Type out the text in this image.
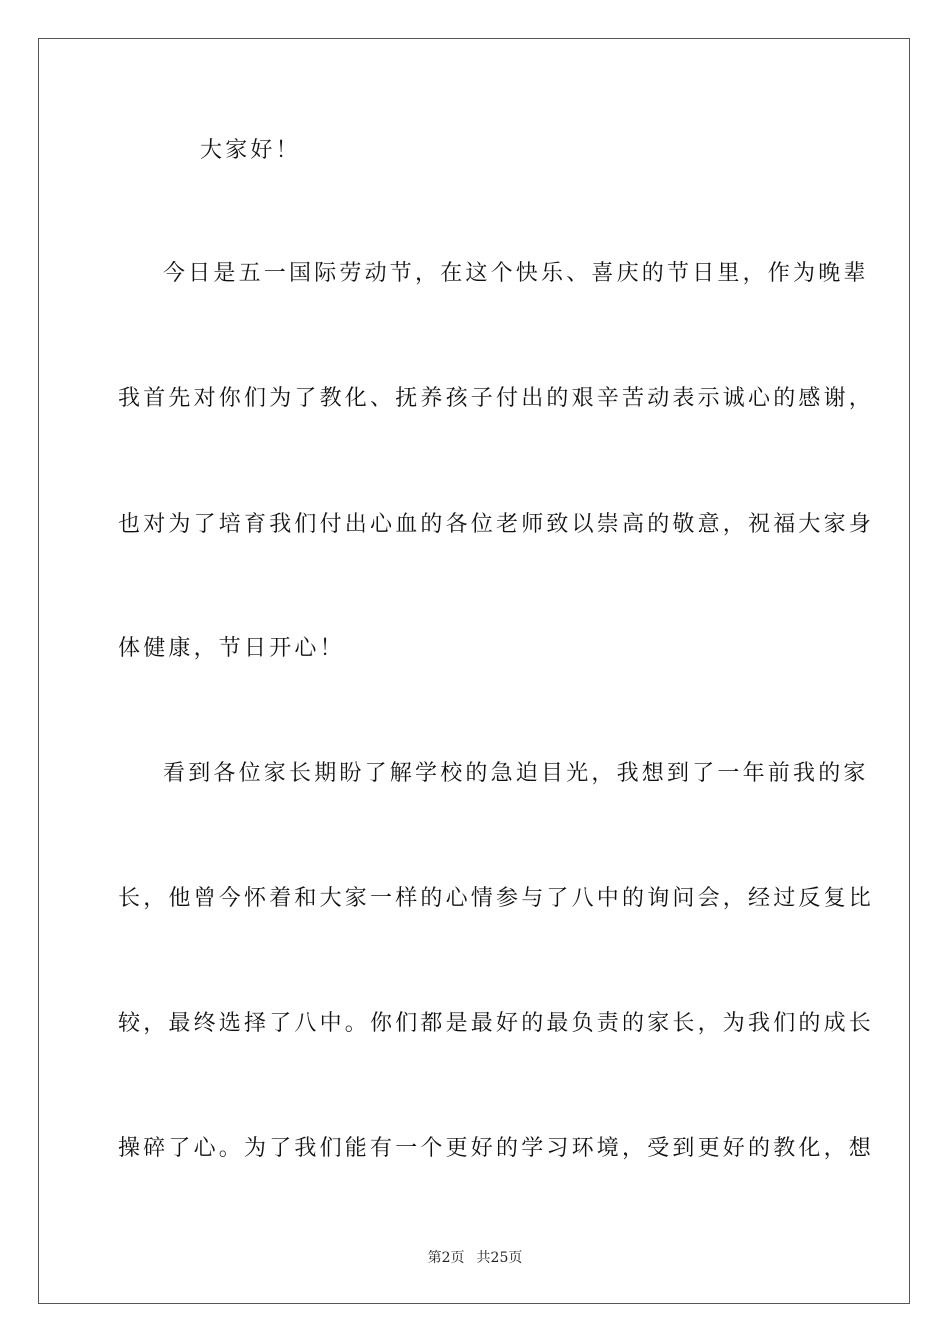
大家好！
今日是五一国际劳动节，在这个快乐、喜庆的节日里，作为晚辈
我首先对你们为了教化、抚养孩子付出的艰辛苦动表示诚心的感谢，
也对为了培育我们付出心血的各位老师致以崇高的敬意，祝福大家身
体健康，节日开心！
看到各位家长期盼了解学校的急迫目光，我想到了一年前我的家
长，他曾今怀着和大家一样的心情参与了八中的询问会，经过反复比
较，最终选择了八中。你们都是最好的最负责的家长，为我们的成长
操碎了心。为了我们能有一个更好的学习环境，受到更好的教化，想
第2页 共25页
